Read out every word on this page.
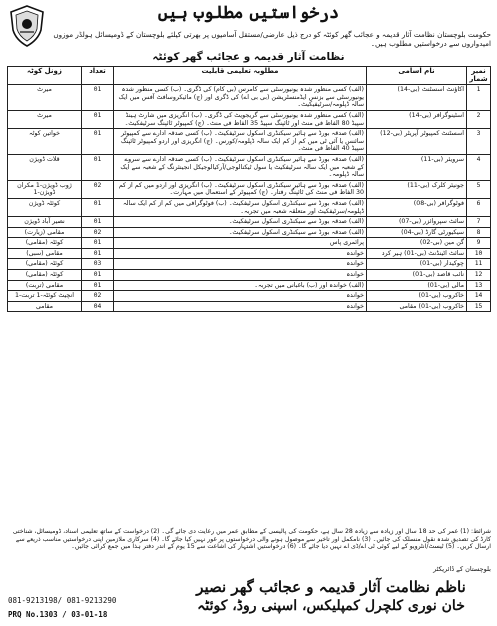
درخواستیں مطلوب ہیں
حکومت بلوچستان نظامت آثار قدیمہ و عجائب گھر کوئٹہ کو درج ذیل عارضی/مستقل آسامیوں پر بھرتی کیلئے بلوچستان کے ڈومیسائل ہولڈر موزوں امیدواروں سے درخواستیں مطلوب ہیں۔
نظامت آثار قدیمہ و عجائب گھر کوئٹہ
نمبر شمار	نام آسامی	مطلوبہ تعلیمی قابلیت	تعداد	زونل کوٹہ
1	اکاؤنٹ اسسٹنٹ (بی-14)	(الف) کسی منظور شدہ یونیورسٹی سے کامرس (بی کام) کی ڈگری۔ (ب) کسی منظور شدہ یونیورسٹی سے بزنس ایڈمنسٹریشن (بی بی اے) کی ڈگری اور (ج) مائیکروسافٹ آفس میں ایک سالہ ڈپلومہ/سرٹیفیکیٹ۔	01	میرٹ
2	اسٹینوگرافر (بی-14)	(الف) کسی منظور شدہ یونیورسٹی سے گریجویٹ کی ڈگری۔ (ب) انگریزی میں شارٹ ہینڈ سپیڈ 80 الفاظ فی منٹ اور ٹائپنگ سپیڈ 35 الفاظ فی منٹ۔ (ج) کمپیوٹر ٹائپنگ سرٹیفکیٹ۔	01	میرٹ
3	اسسٹنٹ کمپیوٹر آپریٹر (بی-12)	(الف) صدقہ بورڈ سے ہائیر سیکنڈری اسکول سرٹیفکیٹ۔ (ب) کسی صدقہ ادارے سے کمپیوٹر سائنس یا آئی ٹی میں کم از کم ایک سالہ ڈپلومہ/کورس۔ (ج) انگریزی اور اردو کمپیوٹر ٹائپنگ سپیڈ 40 الفاظ فی منٹ۔	01	خواتین کوٹہ
4	سرویئر (بی-11)	(الف) صدقہ بورڈ سے ہائیر سیکنڈری اسکول سرٹیفکیٹ۔ (ب) کسی صدقہ ادارے سے سروے کے شعبہ میں ایک سالہ سرٹیفکیٹ یا سول ٹیکنالوجی/آرکیالوجیکل انجینئرنگ کے شعبہ سے ایک سالہ ڈپلومہ۔	01	قلات ڈویژن
5	جونیئر کلرک (بی-11)	(الف) صدقہ بورڈ سے ہائیر سیکنڈری اسکول سرٹیفکیٹ۔ (ب) انگریزی اور اردو میں کم از کم 30 الفاظ فی منٹ کی ٹائپنگ رفتار۔ (ج) کمپیوٹر کے استعمال میں مہارت۔	02	ژوب ڈویژن-1 مکران ڈویژن-1
6	فوٹوگرافر (بی-08)	(الف) صدقہ بورڈ سے سیکنڈری اسکول سرٹیفکیٹ۔ (ب) فوٹوگرافی میں کم از کم ایک سالہ ڈپلومہ/سرٹیفکیٹ اور متعلقہ شعبہ میں تجربہ۔	01	کوئٹہ ڈویژن
7	سائٹ سپروائزر (بی-07)	(الف) صدقہ بورڈ سے سیکنڈری اسکول سرٹیفکیٹ۔	01	نصیر آباد ڈویژن
8	سیکیورٹی گارڈ (بی-04)	(الف) صدقہ بورڈ سے سیکنڈری اسکول سرٹیفکیٹ۔	02	مقامی (زیارت)
9	گن مین (بی-02)	پرائمری پاس	01	کوئٹہ (مقامی)
10	سائٹ اٹینڈنٹ (بی-01) ہیر کرد	خواندہ	01	مقامی (سبی)
11	چوکیدار (بی-01)	خواندہ	03	کوئٹہ (مقامی)
12	نائب قاصد (بی-01)	خواندہ	01	کوئٹہ (مقامی)
13	مالی (بی-01)	(الف) خواندہ اور (ب) باغبانی میں تجربہ۔	01	مقامی (تربت)
14	خاکروب (بی-01)	خواندہ	02	انچیٹ کوئٹہ-1 تربت-1
15	خاکروب (بی-01) مقامی	خواندہ	04	مقامی
شرائط: (1) عمر کی حد 18 سال اور زیادہ سے زیادہ 28 سال ہے، حکومت کی پالیسی کے مطابق عمر میں رعایت دی جائے گی۔ (2) درخواست کے ساتھ تعلیمی اسناد، ڈومیسائل، شناختی کارڈ کی تصدیق شدہ نقول منسلک کی جائیں۔ (3) نامکمل اور تاخیر سے موصول ہونے والی درخواستوں پر غور نہیں کیا جائے گا۔ (4) سرکاری ملازمین اپنی درخواستیں مناسب ذریعے سے ارسال کریں۔ (5) ٹیسٹ/انٹرویو کے لیے کوئی ٹی اے/ڈی اے نہیں دیا جائے گا۔ (6) درخواستیں اشتہار کی اشاعت سے 15 یوم کے اندر دفتر ہذا میں جمع کرائی جائیں۔
بلوچستان کے ڈائریکٹر
ناظم نظامت آثار قدیمہ و عجائب گھر نصیر
خان نوری کلچرل کمپلیکس، اسپنی روڈ، کوئٹہ
081-9213198/ 081-9213290
PRQ No.1303 / 03-01-18
